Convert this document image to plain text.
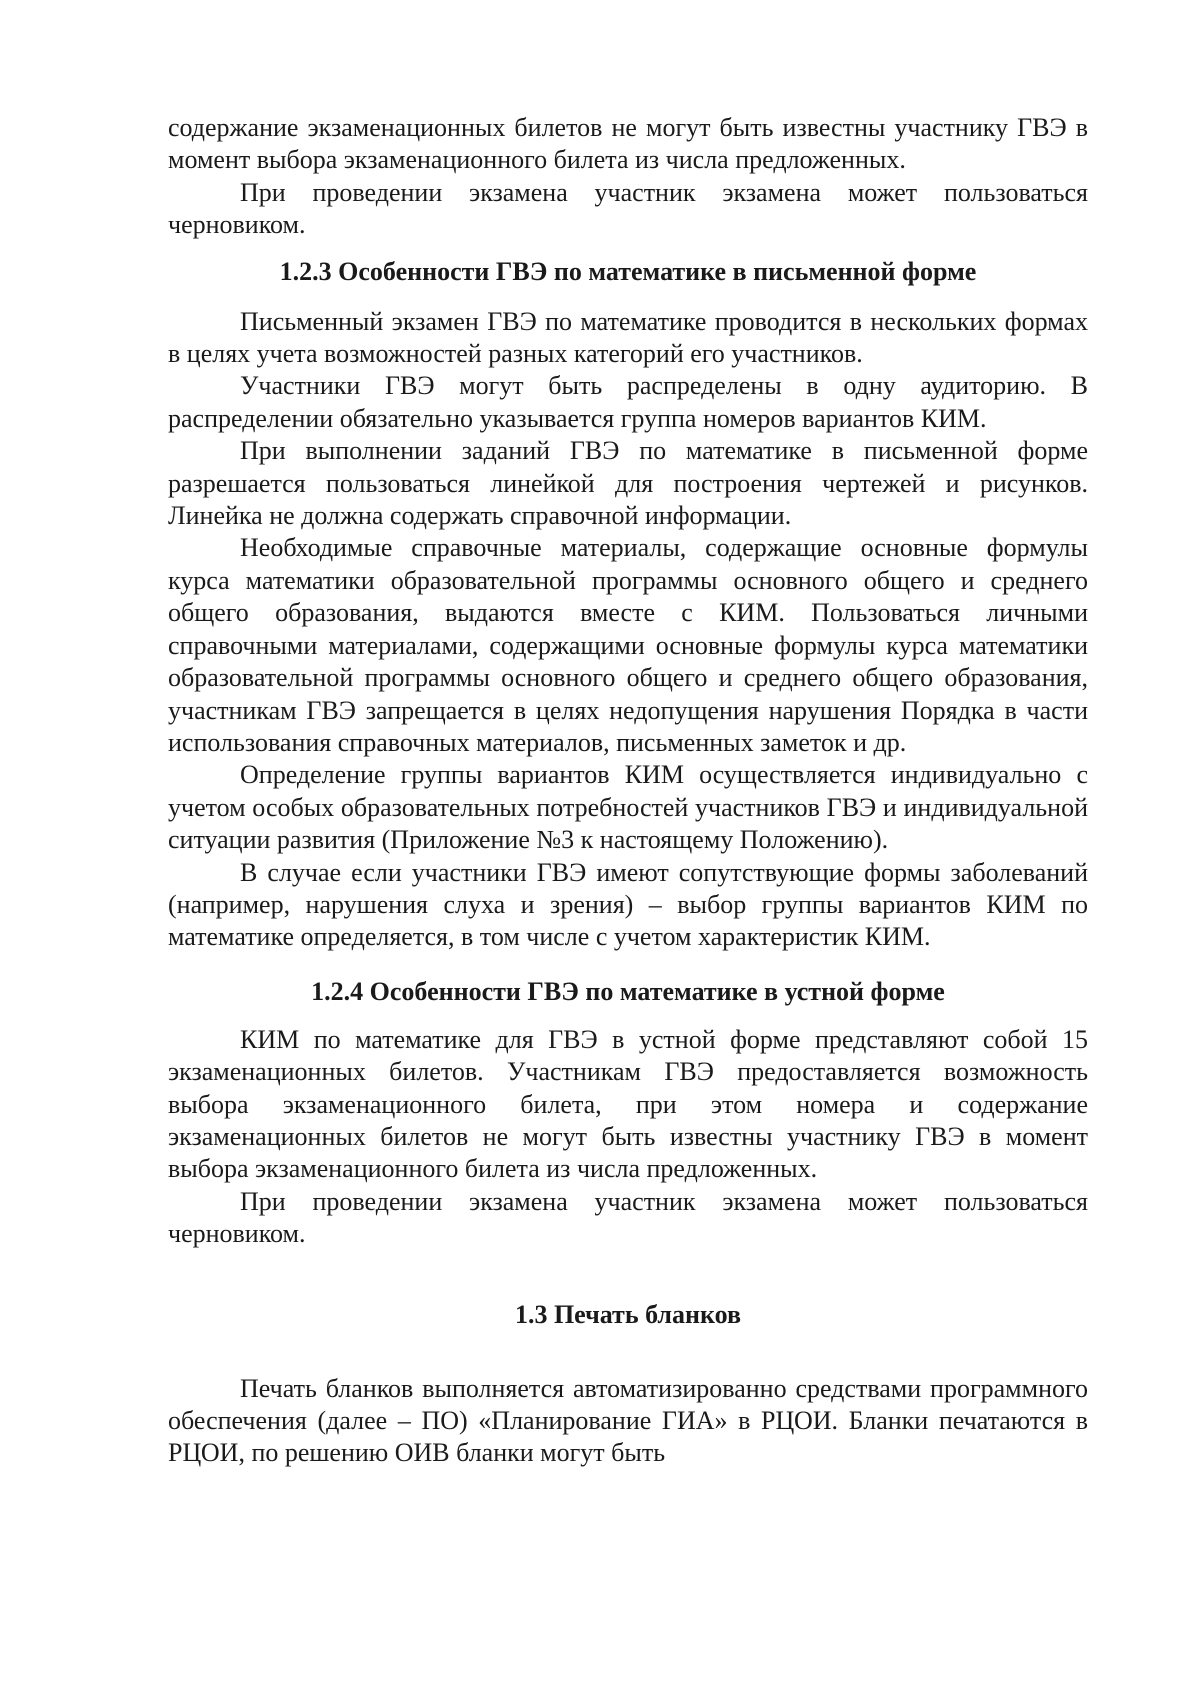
содержание экзаменационных билетов не могут быть известны участнику ГВЭ в момент выбора экзаменационного билета из числа предложенных.

При проведении экзамена участник экзамена может пользоваться черновиком.

1.2.3 Особенности ГВЭ по математике в письменной форме

Письменный экзамен ГВЭ по математике проводится в нескольких формах в целях учета возможностей разных категорий его участников.

Участники ГВЭ могут быть распределены в одну аудиторию. В распределении обязательно указывается группа номеров вариантов КИМ.

При выполнении заданий ГВЭ по математике в письменной форме разрешается пользоваться линейкой для построения чертежей и рисунков. Линейка не должна содержать справочной информации.

Необходимые справочные материалы, содержащие основные формулы курса математики образовательной программы основного общего и среднего общего образования, выдаются вместе с КИМ. Пользоваться личными справочными материалами, содержащими основные формулы курса математики образовательной программы основного общего и среднего общего образования, участникам ГВЭ запрещается в целях недопущения нарушения Порядка в части использования справочных материалов, письменных заметок и др.

Определение группы вариантов КИМ осуществляется индивидуально с учетом особых образовательных потребностей участников ГВЭ и индивидуальной ситуации развития (Приложение №3 к настоящему Положению).

В случае если участники ГВЭ имеют сопутствующие формы заболеваний (например, нарушения слуха и зрения) – выбор группы вариантов КИМ по математике определяется, в том числе с учетом характеристик КИМ.

1.2.4 Особенности ГВЭ по математике в устной форме

КИМ по математике для ГВЭ в устной форме представляют собой 15 экзаменационных билетов. Участникам ГВЭ предоставляется возможность выбора экзаменационного билета, при этом номера и содержание экзаменационных билетов не могут быть известны участнику ГВЭ в момент выбора экзаменационного билета из числа предложенных.

При проведении экзамена участник экзамена может пользоваться черновиком.

1.3 Печать бланков

Печать бланков выполняется автоматизированно средствами программного обеспечения (далее – ПО) «Планирование ГИА» в РЦОИ. Бланки печатаются в РЦОИ, по решению ОИВ бланки могут быть
